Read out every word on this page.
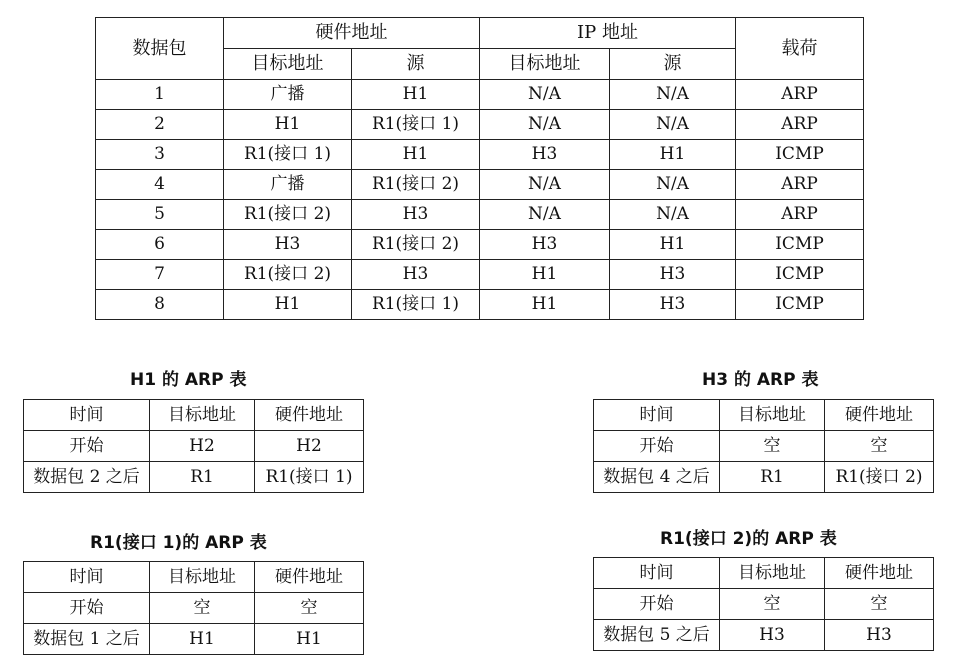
数据包	硬件地址		IP 地址		载荷
	目标地址	源	目标地址	源	
1	广播	H1	N/A	N/A	ARP
2	H1	R1(接口 1)	N/A	N/A	ARP
3	R1(接口 1)	H1	H3	H1	ICMP
4	广播	R1(接口 2)	N/A	N/A	ARP
5	R1(接口 2)	H3	N/A	N/A	ARP
6	H3	R1(接口 2)	H3	H1	ICMP
7	R1(接口 2)	H3	H1	H3	ICMP
8	H1	R1(接口 1)	H1	H3	ICMP
H1 的 ARP 表
时间	目标地址	硬件地址
开始	H2	H2
数据包 2 之后	R1	R1(接口 1)
H3 的 ARP 表
时间	目标地址	硬件地址
开始	空	空
数据包 4 之后	R1	R1(接口 2)
R1(接口 1)的 ARP 表
时间	目标地址	硬件地址
开始	空	空
数据包 1 之后	H1	H1
R1(接口 2)的 ARP 表
时间	目标地址	硬件地址
开始	空	空
数据包 5 之后	H3	H3
